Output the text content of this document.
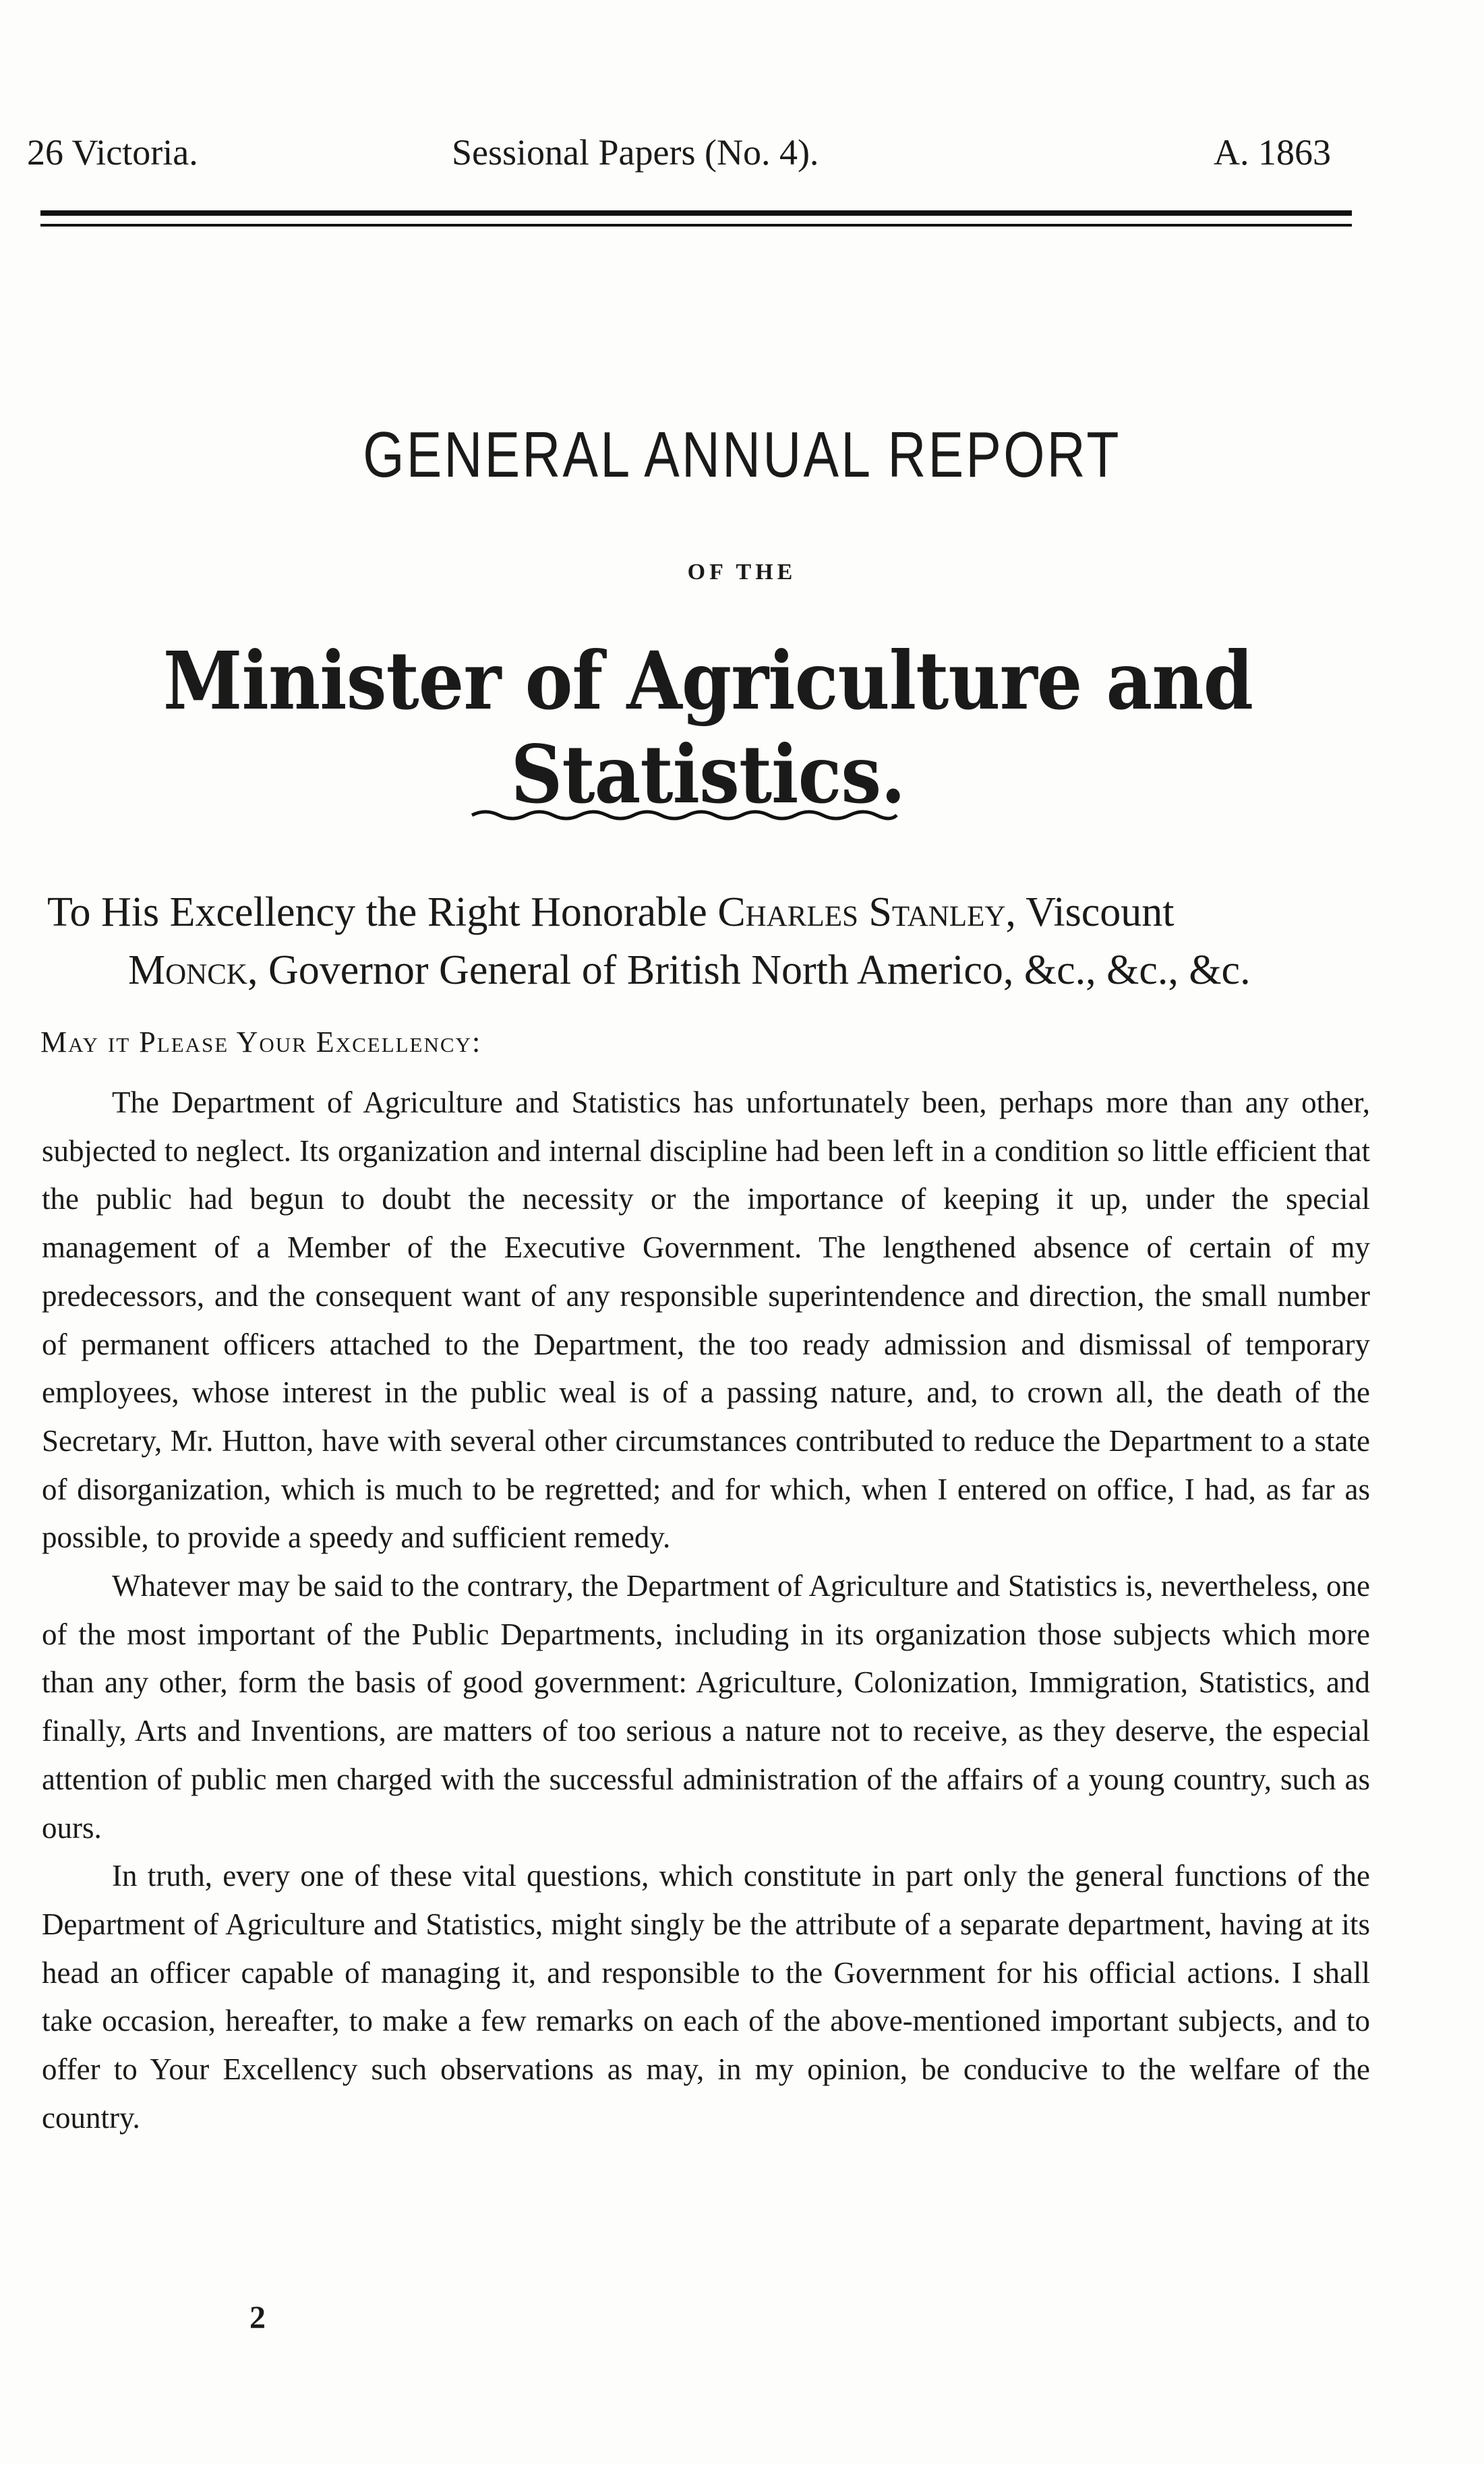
26 Victoria.	Sessional Papers (No. 4).	A. 1863
GENERAL ANNUAL REPORT
OF THE
Minister of Agriculture and Statistics.
To His Excellency the Right Honorable Charles Stanley, Viscount
Monck, Governor General of British North Americo, &c., &c., &c.
May it Please Your Excellency:

The Department of Agriculture and Statistics has unfortunately been, perhaps more than any other, subjected to neglect. Its organization and internal discipline had been left in a condition so little efficient that the public had begun to doubt the necessity or the importance of keeping it up, under the special management of a Member of the Executive Government. The lengthened absence of certain of my predecessors, and the consequent want of any responsible superintendence and direction, the small number of permanent officers attached to the Department, the too ready admission and dismissal of temporary employees, whose interest in the public weal is of a passing nature, and, to crown all, the death of the Secretary, Mr. Hutton, have with several other circumstances contributed to reduce the Department to a state of disorganization, which is much to be regretted; and for which, when I entered on office, I had, as far as possible, to provide a speedy and sufficient remedy.

Whatever may be said to the contrary, the Department of Agriculture and Statistics is, nevertheless, one of the most important of the Public Departments, including in its organization those subjects which more than any other, form the basis of good government: Agriculture, Colonization, Immigration, Statistics, and finally, Arts and Inventions, are matters of too serious a nature not to receive, as they deserve, the especial attention of public men charged with the successful administration of the affairs of a young country, such as ours.

In truth, every one of these vital questions, which constitute in part only the general functions of the Department of Agriculture and Statistics, might singly be the attribute of a separate department, having at its head an officer capable of managing it, and responsible to the Government for his official actions. I shall take occasion, hereafter, to make a few remarks on each of the above-mentioned important subjects, and to offer to Your Excellency such observations as may, in my opinion, be conducive to the welfare of the country.

2
